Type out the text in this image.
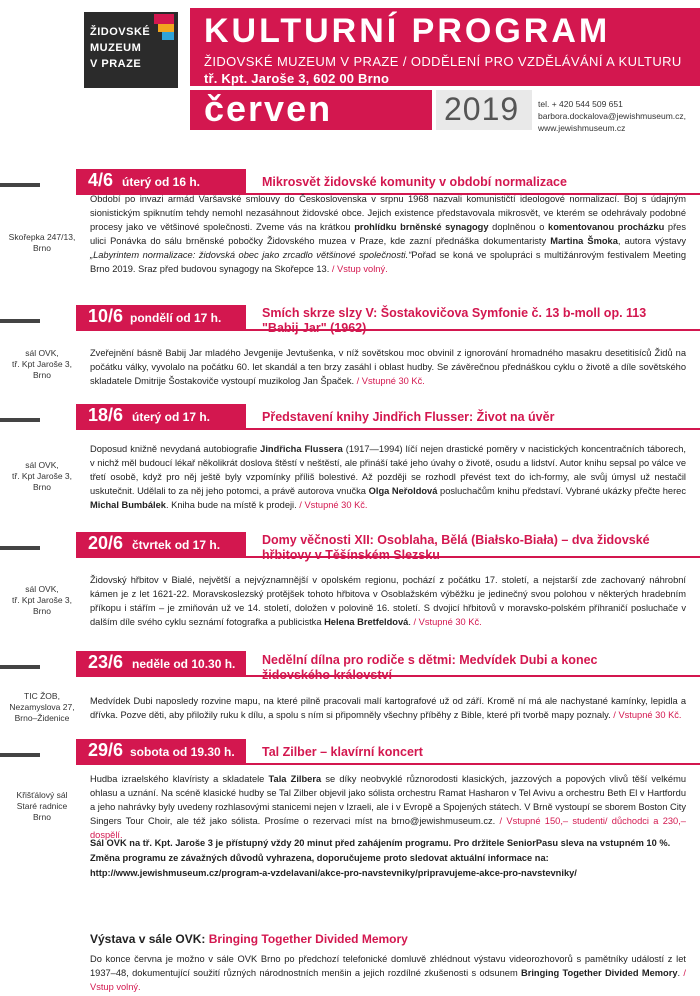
ŽIDOVSKÉ
MUZEUM
V PRAZE
KULTURNÍ PROGRAM
ŽIDOVSKÉ MUZEUM V PRAZE / ODDĚLENÍ PRO VZDĚLÁVÁNÍ A KULTURU
tř. Kpt. Jaroše 3, 602 00 Brno
červen	2019 tel. + 420 544 509 651
barbora.dockalova@jewishmuseum.cz,
www.jewishmuseum.cz
4/6 úterý od 16 h.	Mikrosvět židovské komunity v období normalizace
Skořepka 247/13,
Brno
Období po invazi armád Varšavské smlouvy do Československa v srpnu 1968 nazvali komunističtí ideologové normalizací. Boj s údajným sionistickým spiknutím tehdy nemohl nezasáhnout židovské obce. Jejich existence představovala mikrosvět, ve kterém se odehrávaly podobné procesy jako ve většinové společnosti. Zveme vás na krátkou prohlídku brněnské synagogy doplněnou o komentovanou procházku přes ulici Ponávka do sálu brněnské pobočky Židovského muzea v Praze, kde zazní přednáška dokumentaristy Martina Šmoka, autora výstavy „Labyrintem normalizace: židovská obec jako zrcadlo většinové společnosti.“Pořad se koná ve spolupráci s multižánrovým festivalem Meeting Brno 2019. Sraz před budovou synagogy na Skořepce 13. / Vstup volný.
10/6 pondělí od 17 h.	Smích skrze slzy V: Šostakovičova Symfonie č. 13 b-moll op. 113 "Babij Jar" (1962)
sál OVK,
tř. Kpt Jaroše 3,
Brno
Zveřejnění básně Babij Jar mladého Jevgenije Jevtušenka, v níž sovětskou moc obvinil z ignorování hromadného masakru desetitisíců Židů na počátku války, vyvolalo na počátku 60. let skandál a ten brzy zasáhl i oblast hudby. Se závěrečnou přednáškou cyklu o životě a díle sovětského skladatele Dmitrije Šostakoviče vystoupí muzikolog Jan Špaček. / Vstupné 30 Kč.
18/6 úterý od 17 h.	Představení knihy Jindřich Flusser: Život na úvěr
sál OVK,
tř. Kpt Jaroše 3,
Brno
Doposud knižně nevydaná autobiografie Jindřicha Flussera (1917—1994) líčí nejen drastické poměry v nacistických koncentračních táborech, v nichž měl budoucí lékař několikrát doslova štěstí v neštěstí, ale přináší také jeho úvahy o životě, osudu a lidství. Autor knihu sepsal po válce ve třetí osobě, když pro něj ještě byly vzpomínky příliš bolestivé. Až později se rozhodl převést text do ich-formy, ale svůj úmysl už nestačil uskutečnit. Udělali to za něj jeho potomci, a právě autorova vnučka Olga Neřoldová posluchačům knihu představí. Vybrané ukázky přečte herec Michal Bumbálek. Kniha bude na místě k prodeji. / Vstupné 30 Kč.
20/6 čtvrtek od 17 h.	Domy věčnosti XII: Osoblaha, Bělá (Białsko-Biała) – dva židovské hřbitovy v Těšínském Slezsku
sál OVK,
tř. Kpt Jaroše 3,
Brno
Židovský hřbitov v Bialé, největší a nejvýznamnější v opolském regionu, pochází z počátku 17. století, a nejstarší zde zachovaný náhrobní kámen je z let 1621-22. Moravskoslezský protějšek tohoto hřbitova v Osoblažském výběžku je jedinečný svou polohou v některých hradebním příkopu i stářím – je zmiňován už ve 14. století, doložen v polovině 16. století. S dvojicí hřbitovů v moravsko-polském příhraničí posluchače v dalším díle svého cyklu seznámí fotografka a publicistka Helena Bretfeldová. / Vstupné 30 Kč.
23/6 neděle od 10.30 h. Nedělní dílna pro rodiče s dětmi: Medvídek Dubi a konec židovského království
TIC ŽOB,
Nezamyslova 27,
Brno–Židenice
Medvídek Dubi naposledy rozvine mapu, na které pilně pracovali malí kartografové už od září. Kromě ní má ale nachystané kamínky, lepidla a dřívka. Pozve děti, aby přiložily ruku k dílu, a spolu s ním si připomněly všechny příběhy z Bible, které při tvorbě mapy poznaly. / Vstupné 30 Kč.
29/6 sobota od 19.30 h. Tal Zilber – klavírní koncert
Křišťálový sál
Staré radnice
Brno
Hudba izraelského klavíristy a skladatele Tala Zilbera se díky neobvyklé různorodosti klasických, jazzových a popových vlivů těší velkému ohlasu a uznání. Na scéně klasické hudby se Tal Zilber objevil jako sólista orchestru Ramat Hasharon v Tel Avivu a orchestru Beth El v Hartfordu a jeho nahrávky byly uvedeny rozhlasovými stanicemi nejen v Izraeli, ale i v Evropě a Spojených státech. V Brně vystoupí se sborem Boston City Singers Tour Choir, ale též jako sólista. Prosíme o rezervaci míst na brno@jewishmuseum.cz. / Vstupné 150,– studenti/ důchodci a 230,– dospělí.
Sál OVK na tř. Kpt. Jaroše 3 je přístupný vždy 20 minut před zahájením programu. Pro držitele SeniorPasu sleva na vstupném 10 %. Změna programu ze závažných důvodů vyhrazena, doporučujeme proto sledovat aktuální informace na: http://www.jewishmuseum.cz/program-a-vzdelavani/akce-pro-navstevniky/pripravujeme-akce-pro-navstevniky/
Výstava v sále OVK: Bringing Together Divided Memory
Do konce června je možno v sále OVK Brno po předchozí telefonické domluvě zhlédnout výstavu videorozhovorů s pamětníky událostí z let 1937–48, dokumentující soužití různých národnostních menšin a jejich rozdílné zkušenosti s odsunem Bringing Together Divided Memory. / Vstup volný.
